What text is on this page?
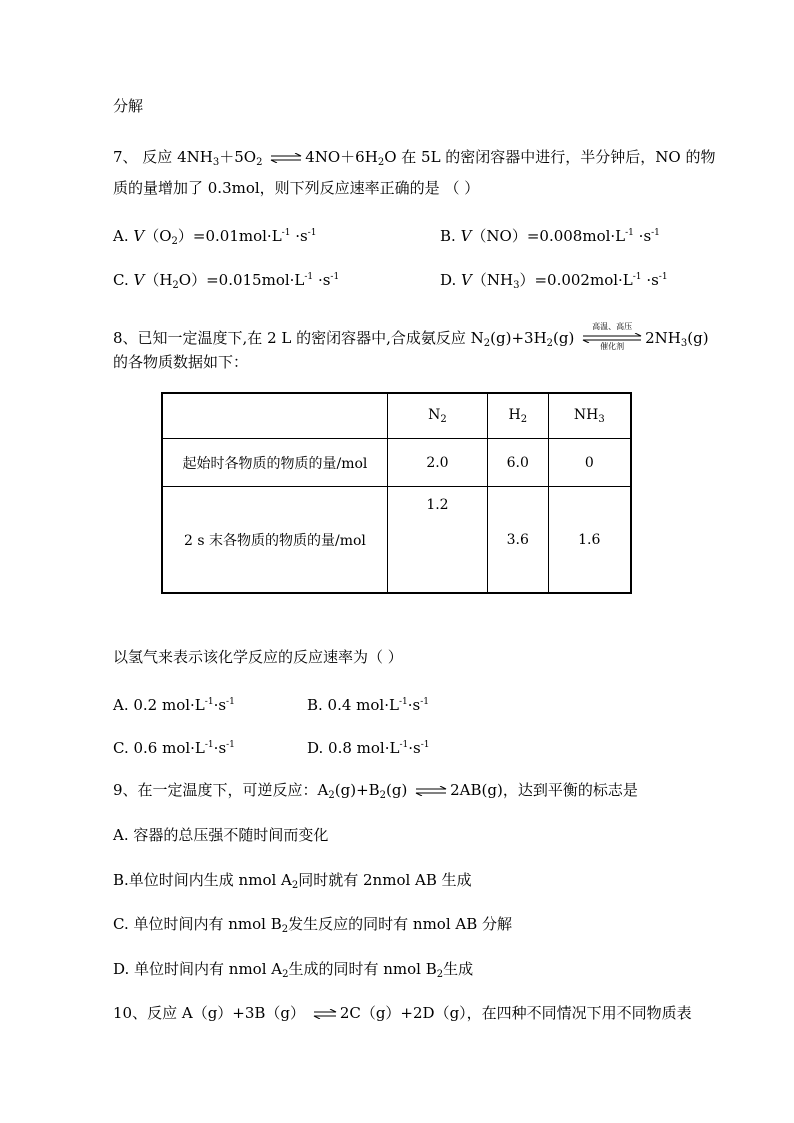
分解
7、 反应 $4NH_3+5O_2$ ⇌ $4NO+6H_2O$ 在 5L 的密闭容器中进行，半分钟后，NO 的物
质的量增加了 0.3mol，则下列反应速率正确的是 （ ）
A. $V(O_2)=0.01mol\cdot L^{-1} \cdot s^{-1}$	B. $V(NO)=0.008mol\cdot L^{-1} \cdot s^{-1}$
C. $V(H_2O)=0.015mol\cdot L^{-1} \cdot s^{-1}$	D. $V(NH_3)=0.002mol\cdot L^{-1} \cdot s^{-1}$
8、已知一定温度下,在 2 L 的密闭容器中,合成氨反应 $N_2(g)+3H_2(g)$
高温、高压
催化剂	$2NH_3(g)$
的各物质数据如下：
	$N_2$	$H_2$	$NH_3$
起始时各物质的物质的量/mol	2.0	6.0	0
2 s 末各物质的物质的量/mol	1.2	3.6	1.6
以氢气来表示该化学反应的反应速率为（ ）
A. 0.2 $mol\cdot L^{-1}\cdot s^{-1}$	B. 0.4 $mol\cdot L^{-1}\cdot s^{-1}$
C. 0.6 $mol\cdot L^{-1}\cdot s^{-1}$	D. 0.8 $mol\cdot L^{-1}\cdot s^{-1}$
9、在一定温度下，可逆反应：$A_2(g)+B_2(g)$ ⇌ 2AB(g)，达到平衡的标志是
A. 容器的总压强不随时间而变化
B.单位时间内生成 nmol $A_2$同时就有 2nmol AB 生成
C. 单位时间内有 nmol $B_2$发生反应的同时有 nmol AB 分解
D. 单位时间内有 nmol $A_2$生成的同时有 nmol $B_2$生成
10、反应 A（g）+3B（g） ⇌ 2C（g）+2D（g），在四种不同情况下用不同物质表
